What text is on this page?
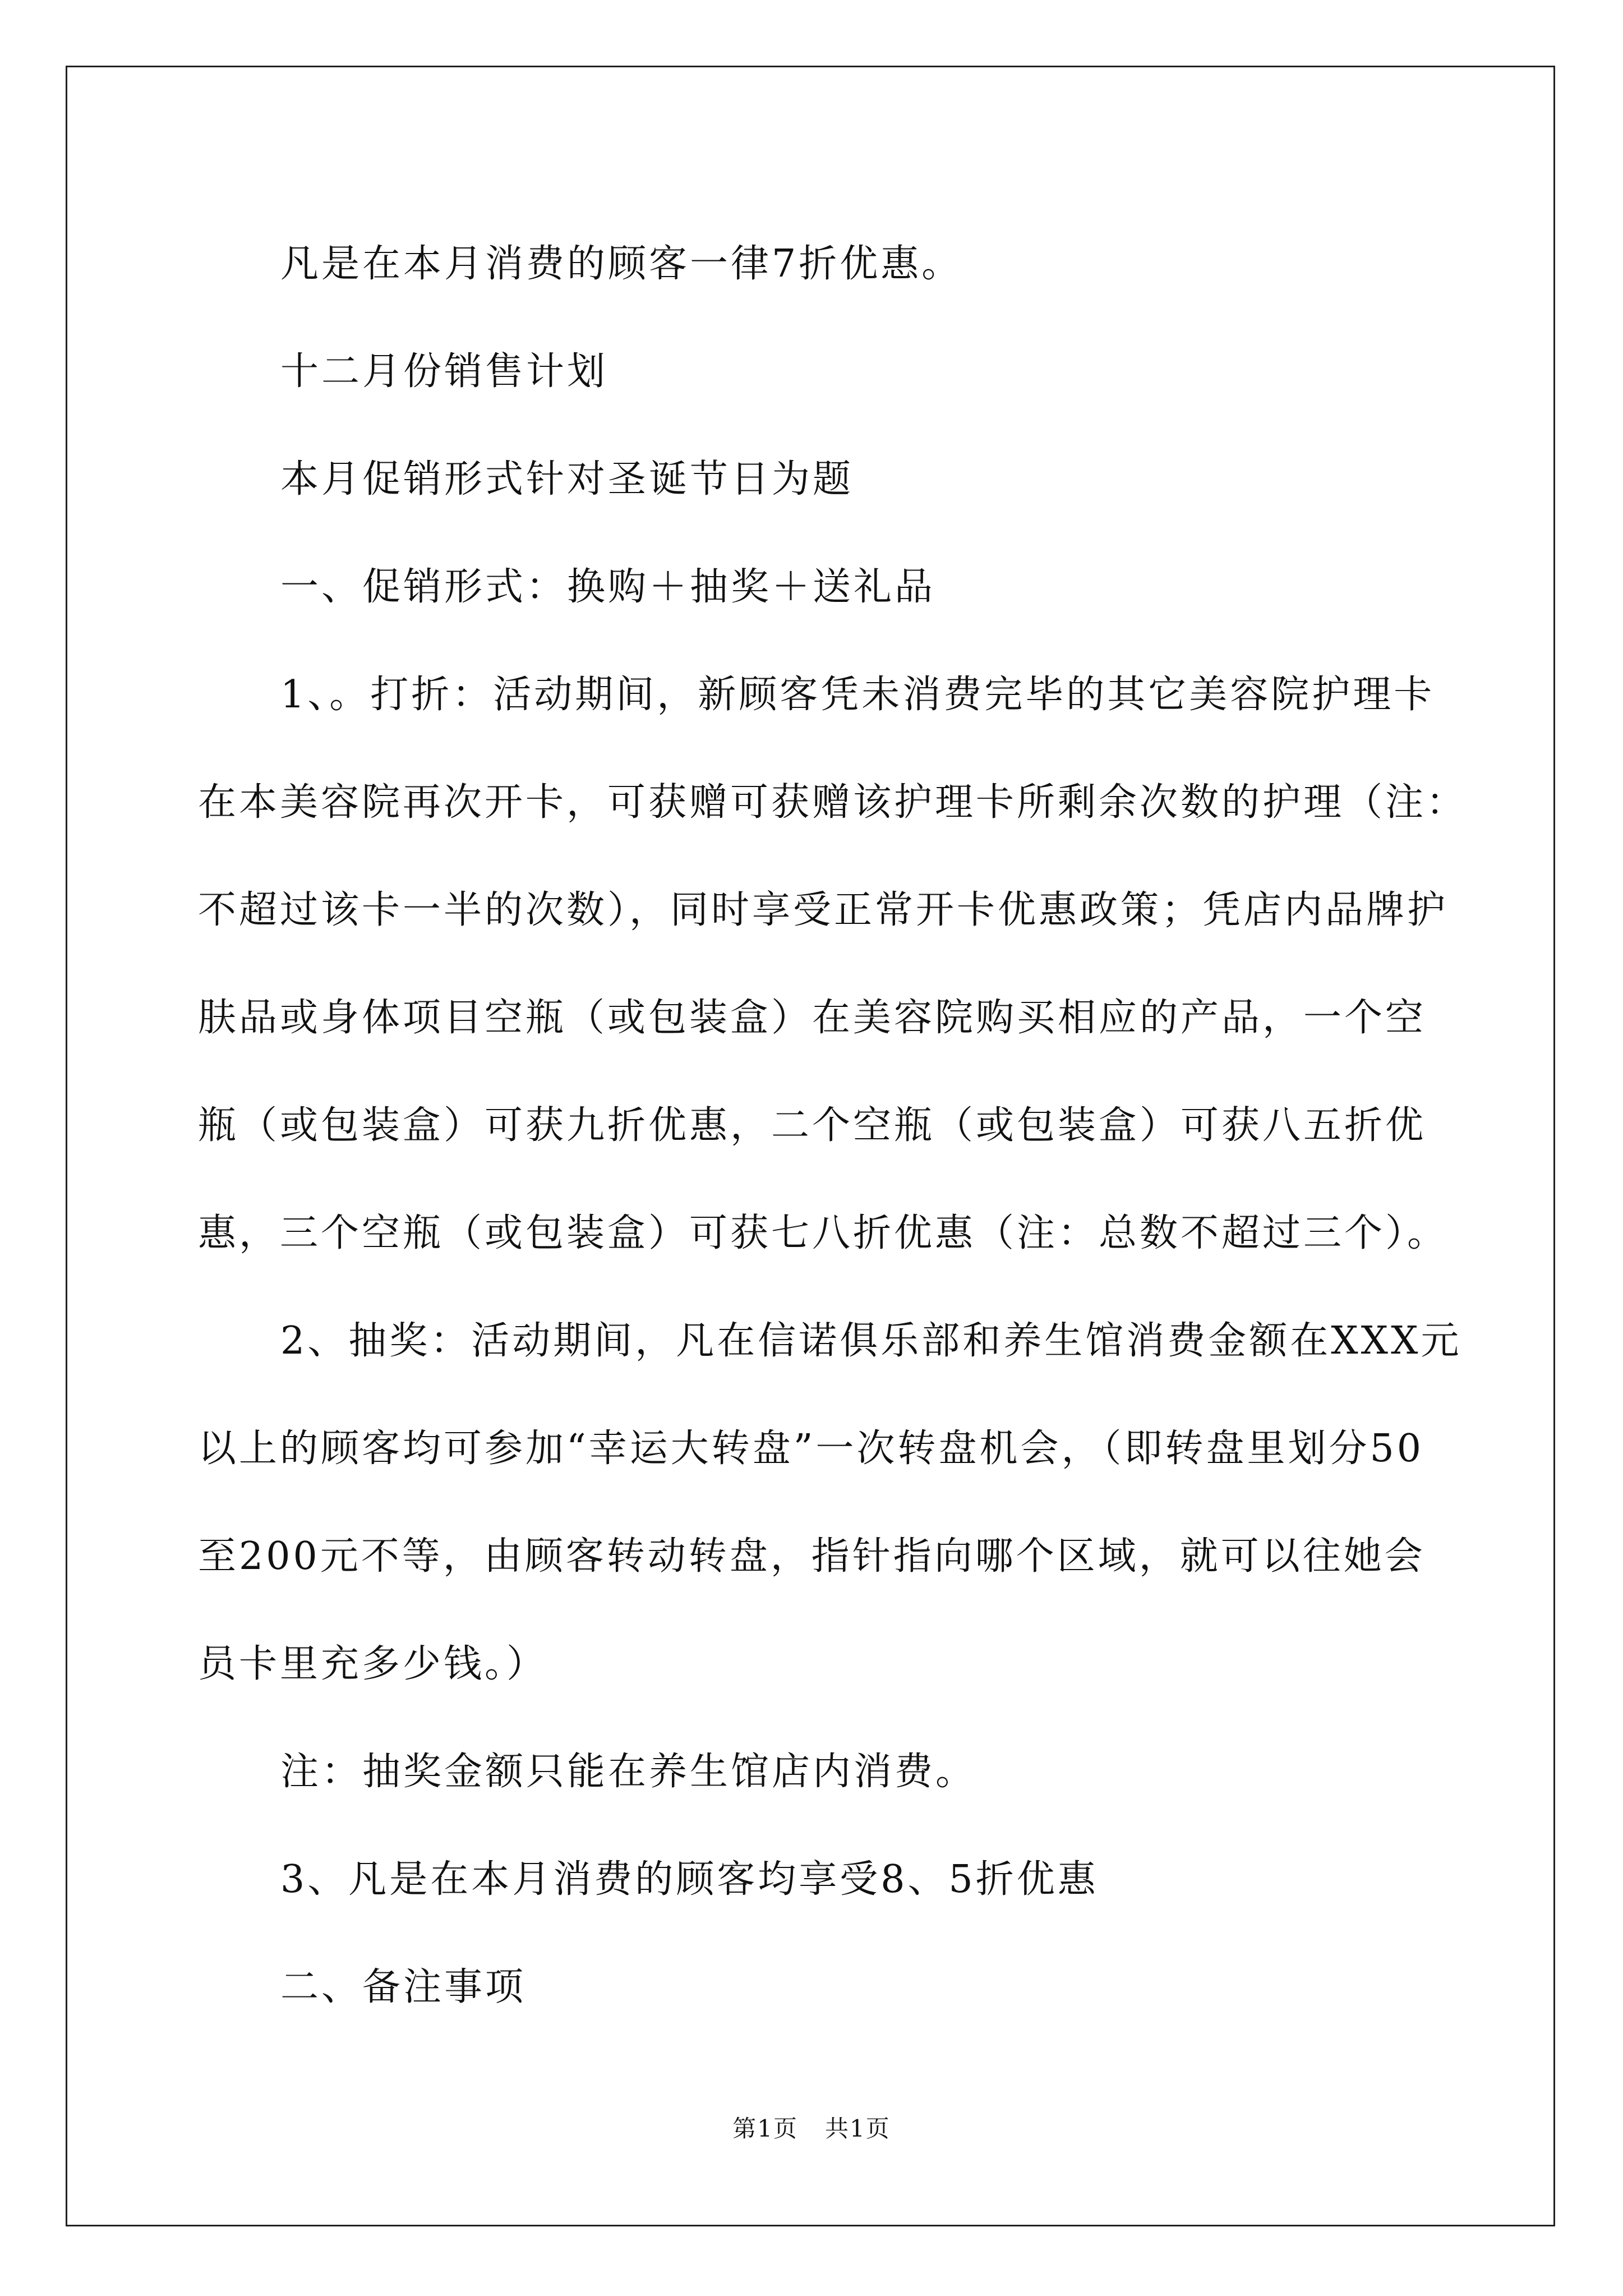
凡是在本月消费的顾客一律7折优惠。
十二月份销售计划
本月促销形式针对圣诞节日为题
一、促销形式：换购＋抽奖＋送礼品
1、。打折：活动期间，新顾客凭未消费完毕的其它美容院护理卡
在本美容院再次开卡，可获赠可获赠该护理卡所剩余次数的护理（注：
不超过该卡一半的次数），同时享受正常开卡优惠政策；凭店内品牌护
肤品或身体项目空瓶（或包装盒）在美容院购买相应的产品，一个空
瓶（或包装盒）可获九折优惠，二个空瓶（或包装盒）可获八五折优
惠，三个空瓶（或包装盒）可获七八折优惠（注：总数不超过三个）。
2、抽奖：活动期间，凡在信诺俱乐部和养生馆消费金额在XXX元
以上的顾客均可参加“幸运大转盘”一次转盘机会，（即转盘里划分50
至200元不等，由顾客转动转盘，指针指向哪个区域，就可以往她会
员卡里充多少钱。）
注：抽奖金额只能在养生馆店内消费。
3、凡是在本月消费的顾客均享受8、5折优惠
二、备注事项
第1页 共1页
